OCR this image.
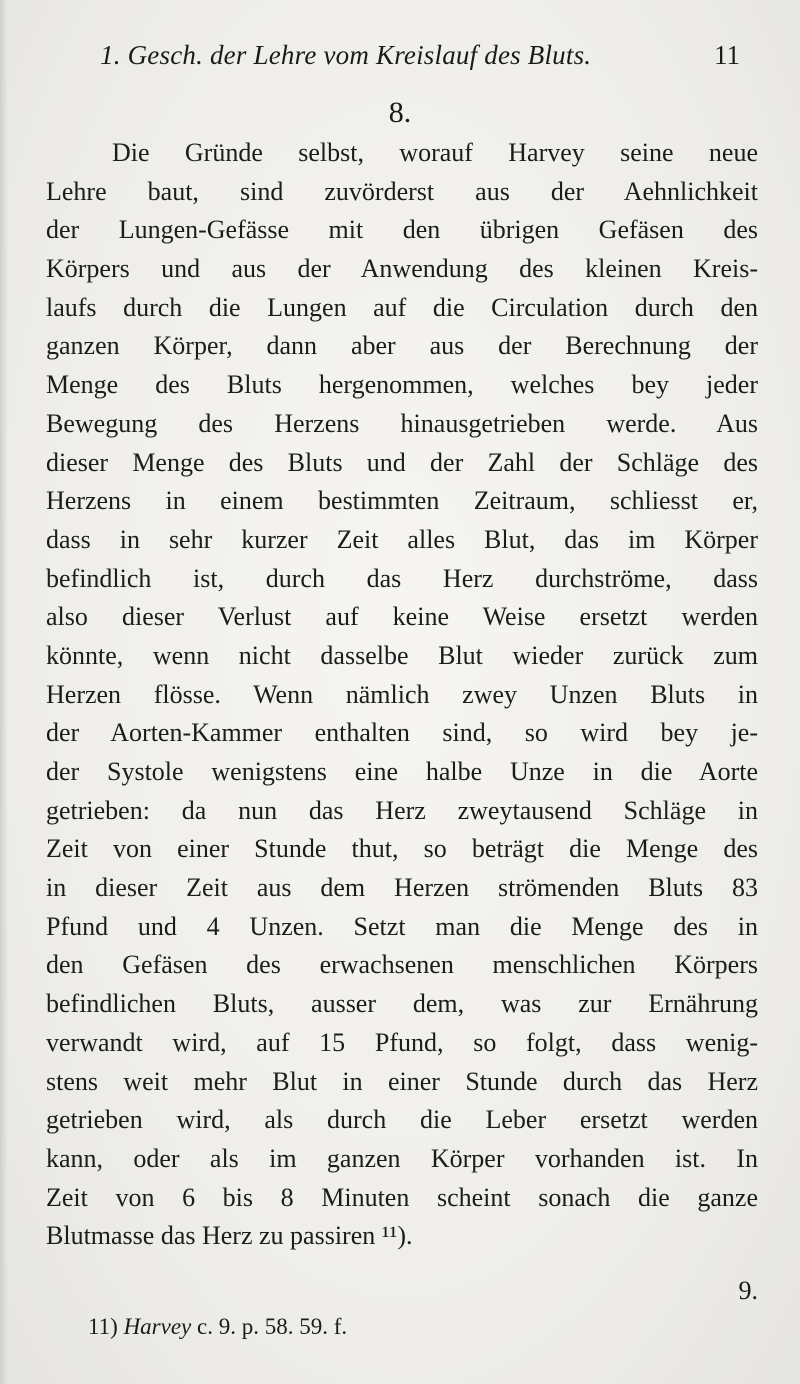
1. Gesch. der Lehre vom Kreislauf des Bluts.	11
8.
Die Gründe selbst, worauf Harvey seine neue
Lehre baut, sind zuvörderst aus der Aehnlichkeit
der Lungen-Gefässe mit den übrigen Gefäsen des
Körpers und aus der Anwendung des kleinen Kreis-
laufs durch die Lungen auf die Circulation durch den
ganzen Körper, dann aber aus der Berechnung der
Menge des Bluts hergenommen, welches bey jeder
Bewegung des Herzens hinausgetrieben werde. Aus
dieser Menge des Bluts und der Zahl der Schläge des
Herzens in einem bestimmten Zeitraum, schliesst er,
dass in sehr kurzer Zeit alles Blut, das im Körper
befindlich ist, durch das Herz durchströme, dass
also dieser Verlust auf keine Weise ersetzt werden
könnte, wenn nicht dasselbe Blut wieder zurück zum
Herzen flösse. Wenn nämlich zwey Unzen Bluts in
der Aorten-Kammer enthalten sind, so wird bey je-
der Systole wenigstens eine halbe Unze in die Aorte
getrieben: da nun das Herz zweytausend Schläge in
Zeit von einer Stunde thut, so beträgt die Menge des
in dieser Zeit aus dem Herzen strömenden Bluts 83
Pfund und 4 Unzen. Setzt man die Menge des in
den Gefäsen des erwachsenen menschlichen Körpers
befindlichen Bluts, ausser dem, was zur Ernährung
verwandt wird, auf 15 Pfund, so folgt, dass wenig-
stens weit mehr Blut in einer Stunde durch das Herz
getrieben wird, als durch die Leber ersetzt werden
kann, oder als im ganzen Körper vorhanden ist. In
Zeit von 6 bis 8 Minuten scheint sonach die ganze
Blutmasse das Herz zu passiren ¹¹).
9.
11) Harvey c. 9. p. 58. 59. f.
